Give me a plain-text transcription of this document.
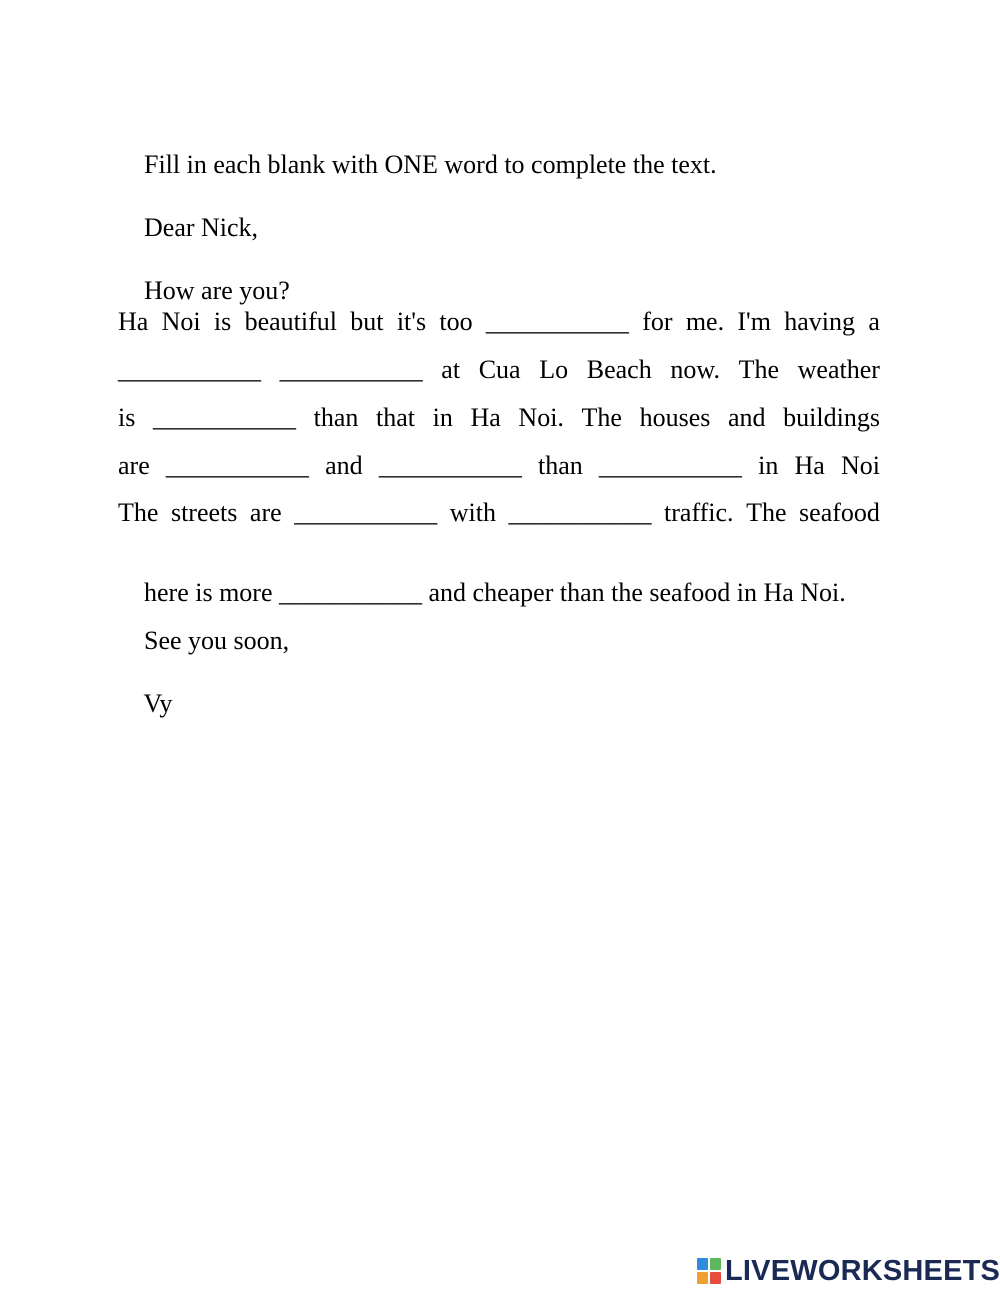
Fill in each blank with ONE word to complete the text.

Dear Nick,

How are you?

Ha Noi is beautiful but it's too ___________ for me. I'm having a
___________ ___________ at Cua Lo Beach now. The weather
is ___________ than that in Ha Noi. The houses and buildings
are ___________ and ___________ than ___________ in Ha Noi
The streets are ___________ with ___________ traffic. The seafood

here is more ___________ and cheaper than the seafood in Ha Noi.

See you soon,

Vy

LIVEWORKSHEETS
